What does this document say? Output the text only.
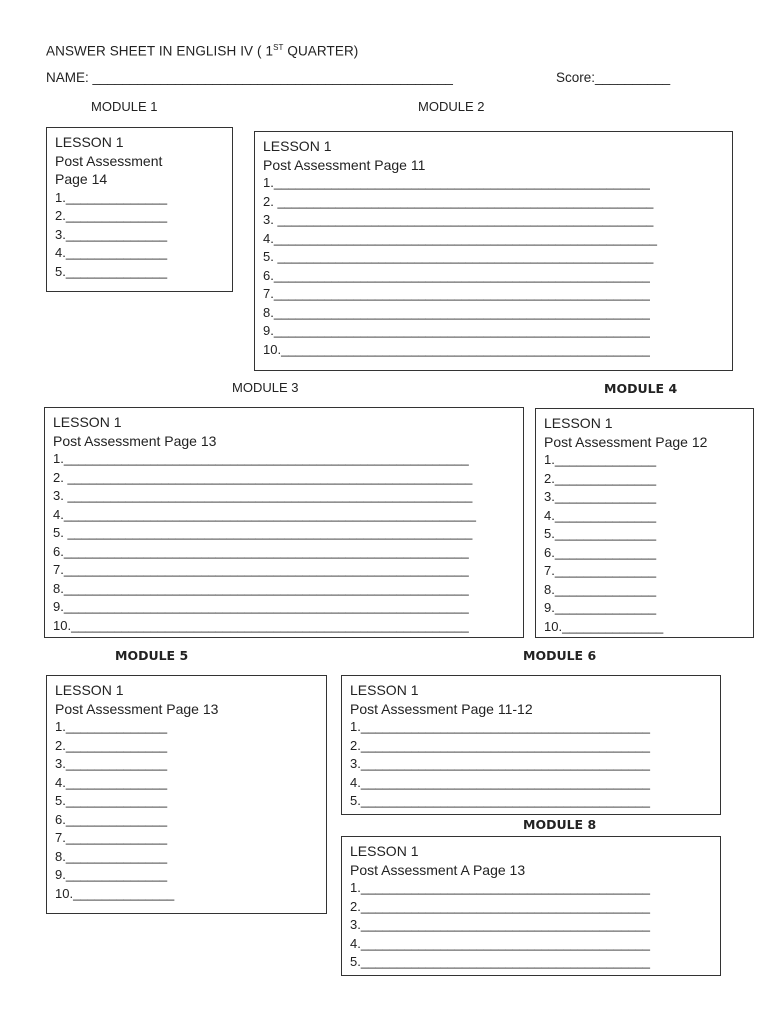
ANSWER SHEET IN ENGLISH IV ( 1ST QUARTER)
NAME: ________________________________________________	Score:__________
MODULE 1	MODULE 2
MODULE 3	MODULE 4
MODULE 5	MODULE 6
MODULE 8
LESSON 1
Post Assessment
Page 14
1.______________
2.______________
3.______________
4.______________
5.______________
LESSON 1
Post Assessment Page 11
1.____________________________________________________
2. ____________________________________________________
3. ____________________________________________________
4._____________________________________________________
5. ____________________________________________________
6.____________________________________________________
7.____________________________________________________
8.____________________________________________________
9.____________________________________________________
10.___________________________________________________
LESSON 1
Post Assessment Page 13
1.________________________________________________________
2. ________________________________________________________
3. ________________________________________________________
4._________________________________________________________
5. ________________________________________________________
6.________________________________________________________
7.________________________________________________________
8.________________________________________________________
9.________________________________________________________
10._______________________________________________________
LESSON 1
Post Assessment Page 12
1.______________
2.______________
3.______________
4.______________
5.______________
6.______________
7.______________
8.______________
9.______________
10.______________
LESSON 1
Post Assessment Page 13
1.______________
2.______________
3.______________
4.______________
5.______________
6.______________
7.______________
8.______________
9.______________
10.______________
LESSON 1
Post Assessment Page 11-12
1.________________________________________
2.________________________________________
3.________________________________________
4.________________________________________
5.________________________________________
LESSON 1
Post Assessment A Page 13
1.________________________________________
2.________________________________________
3.________________________________________
4.________________________________________
5.________________________________________
